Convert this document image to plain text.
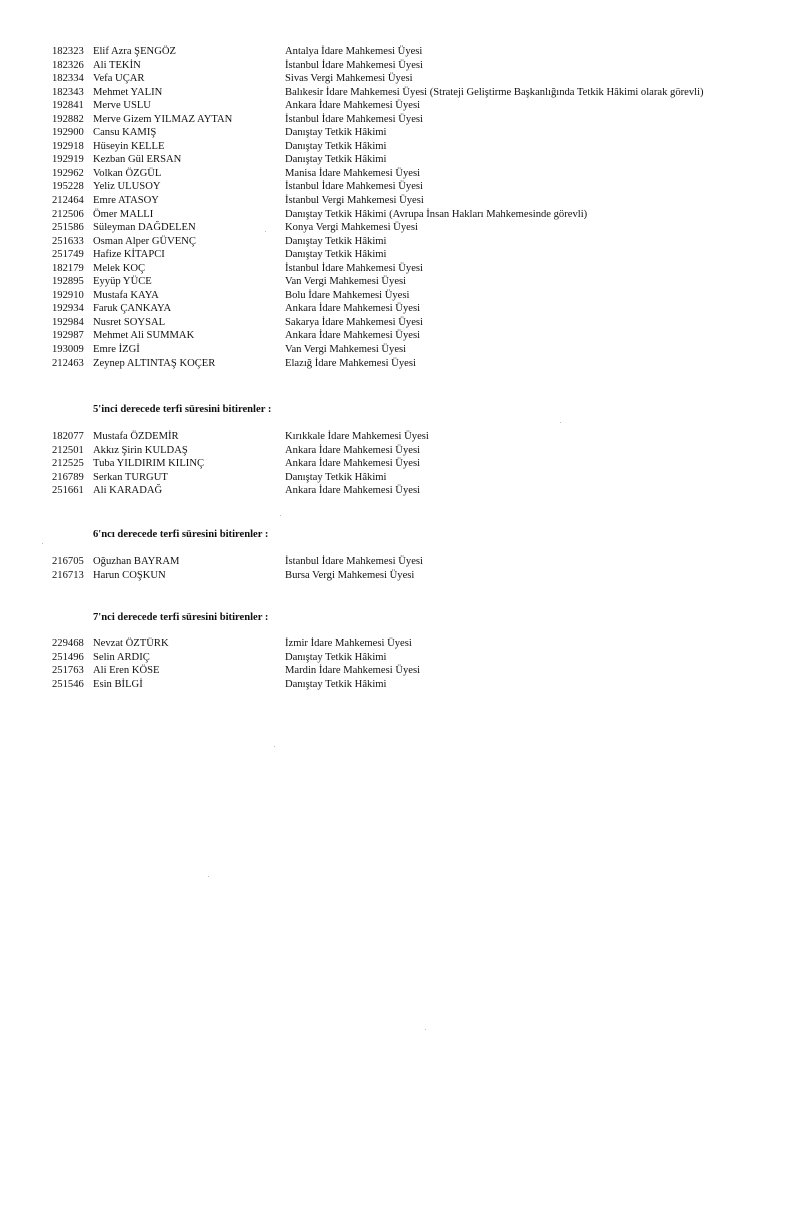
182323 Elif Azra ŞENGÖZ	Antalya İdare Mahkemesi Üyesi
182326 Ali TEKİN	İstanbul İdare Mahkemesi Üyesi
182334 Vefa UÇAR	Sivas Vergi Mahkemesi Üyesi
182343 Mehmet YALIN	Balıkesir İdare Mahkemesi Üyesi (Strateji Geliştirme Başkanlığında Tetkik Hâkimi olarak görevli)
192841 Merve USLU	Ankara İdare Mahkemesi Üyesi
192882 Merve Gizem YILMAZ AYTAN	İstanbul İdare Mahkemesi Üyesi
192900 Cansu KAMIŞ	Danıştay Tetkik Hâkimi
192918 Hüseyin KELLE	Danıştay Tetkik Hâkimi
192919 Kezban Gül ERSAN	Danıştay Tetkik Hâkimi
192962 Volkan ÖZGÜL	Manisa İdare Mahkemesi Üyesi
195228 Yeliz ULUSOY	İstanbul İdare Mahkemesi Üyesi
212464 Emre ATASOY	İstanbul Vergi Mahkemesi Üyesi
212506 Ömer MALLI	Danıştay Tetkik Hâkimi (Avrupa İnsan Hakları Mahkemesinde görevli)
251586 Süleyman DAĞDELEN	Konya Vergi Mahkemesi Üyesi
251633 Osman Alper GÜVENÇ	Danıştay Tetkik Hâkimi
251749 Hafize KİTAPCI	Danıştay Tetkik Hâkimi
182179 Melek KOÇ	İstanbul İdare Mahkemesi Üyesi
192895 Eyyüp YÜCE	Van Vergi Mahkemesi Üyesi
192910 Mustafa KAYA	Bolu İdare Mahkemesi Üyesi
192934 Faruk ÇANKAYA	Ankara İdare Mahkemesi Üyesi
192984 Nusret SOYSAL	Sakarya İdare Mahkemesi Üyesi
192987 Mehmet Ali SUMMAK	Ankara İdare Mahkemesi Üyesi
193009 Emre İZGİ	Van Vergi Mahkemesi Üyesi
212463 Zeynep ALTINTAŞ KOÇER	Elazığ İdare Mahkemesi Üyesi
5'inci derecede terfi süresini bitirenler :
182077 Mustafa ÖZDEMİR	Kırıkkale İdare Mahkemesi Üyesi
212501 Akkız Şirin KULDAŞ	Ankara İdare Mahkemesi Üyesi
212525 Tuba YILDIRIM KILINÇ	Ankara İdare Mahkemesi Üyesi
216789 Serkan TURGUT	Danıştay Tetkik Hâkimi
251661 Ali KARADAĞ	Ankara İdare Mahkemesi Üyesi
6'ncı derecede terfi süresini bitirenler :
216705 Oğuzhan BAYRAM	İstanbul İdare Mahkemesi Üyesi
216713 Harun COŞKUN	Bursa Vergi Mahkemesi Üyesi
7'nci derecede terfi süresini bitirenler :
229468 Nevzat ÖZTÜRK	İzmir İdare Mahkemesi Üyesi
251496 Selin ARDIÇ	Danıştay Tetkik Hâkimi
251763 Ali Eren KÖSE	Mardin İdare Mahkemesi Üyesi
251546 Esin BİLGİ	Danıştay Tetkik Hâkimi
